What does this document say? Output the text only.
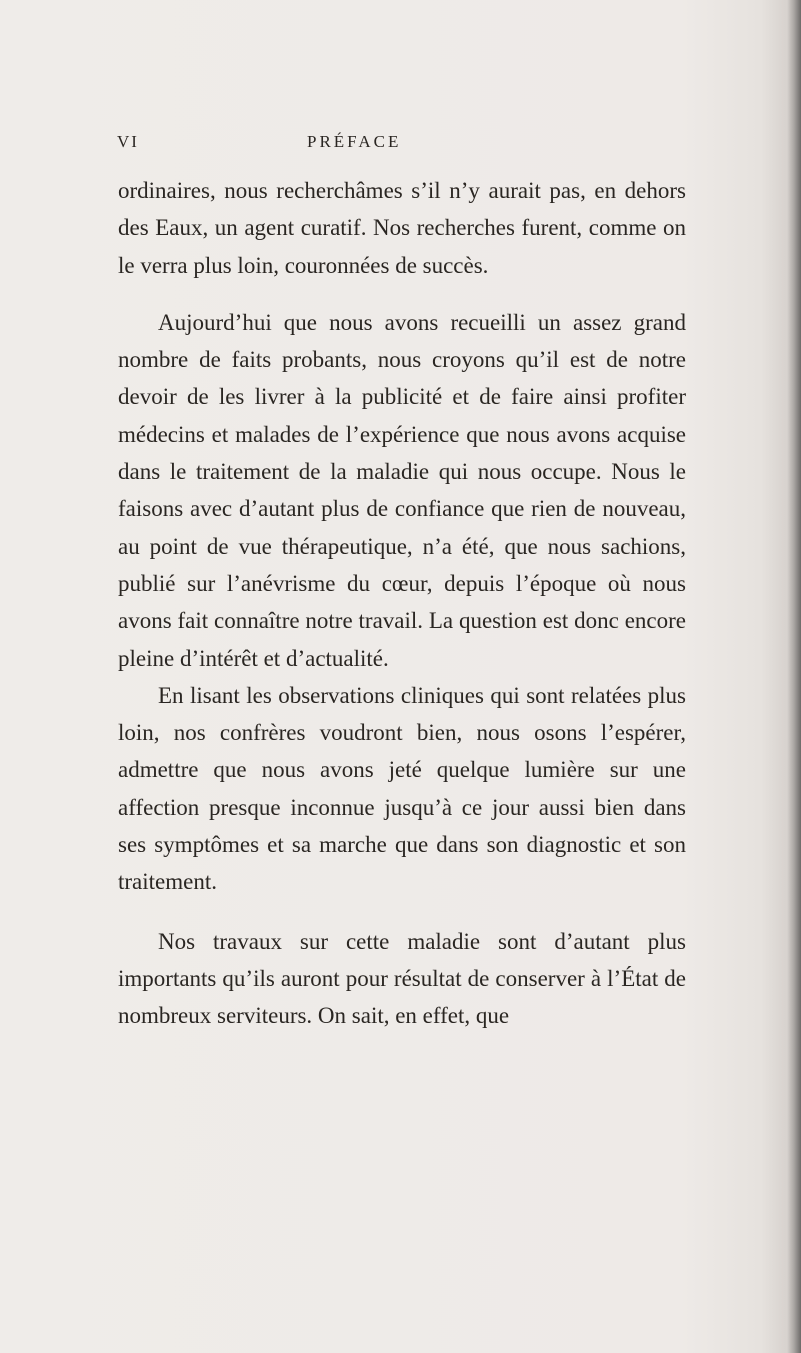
VI	PRÉFACE

ordinaires, nous recherchâmes s’il n’y aurait pas, en dehors des Eaux, un agent curatif. Nos recherches furent, comme on le verra plus loin, couronnées de succès.

Aujourd’hui que nous avons recueilli un assez grand nombre de faits probants, nous croyons qu’il est de notre devoir de les livrer à la publicité et de faire ainsi profiter médecins et malades de l’expérience que nous avons acquise dans le traitement de la maladie qui nous occupe. Nous le faisons avec d’autant plus de confiance que rien de nouveau, au point de vue thérapeutique, n’a été, que nous sachions, publié sur l’anévrisme du cœur, depuis l’époque où nous avons fait connaître notre travail. La question est donc encore pleine d’intérêt et d’actualité.

En lisant les observations cliniques qui sont relatées plus loin, nos confrères voudront bien, nous osons l’espérer, admettre que nous avons jeté quelque lumière sur une affection presque inconnue jusqu’à ce jour aussi bien dans ses symptômes et sa marche que dans son diagnostic et son traitement.

Nos travaux sur cette maladie sont d’autant plus importants qu’ils auront pour résultat de conserver à l’État de nombreux serviteurs. On sait, en effet, que
